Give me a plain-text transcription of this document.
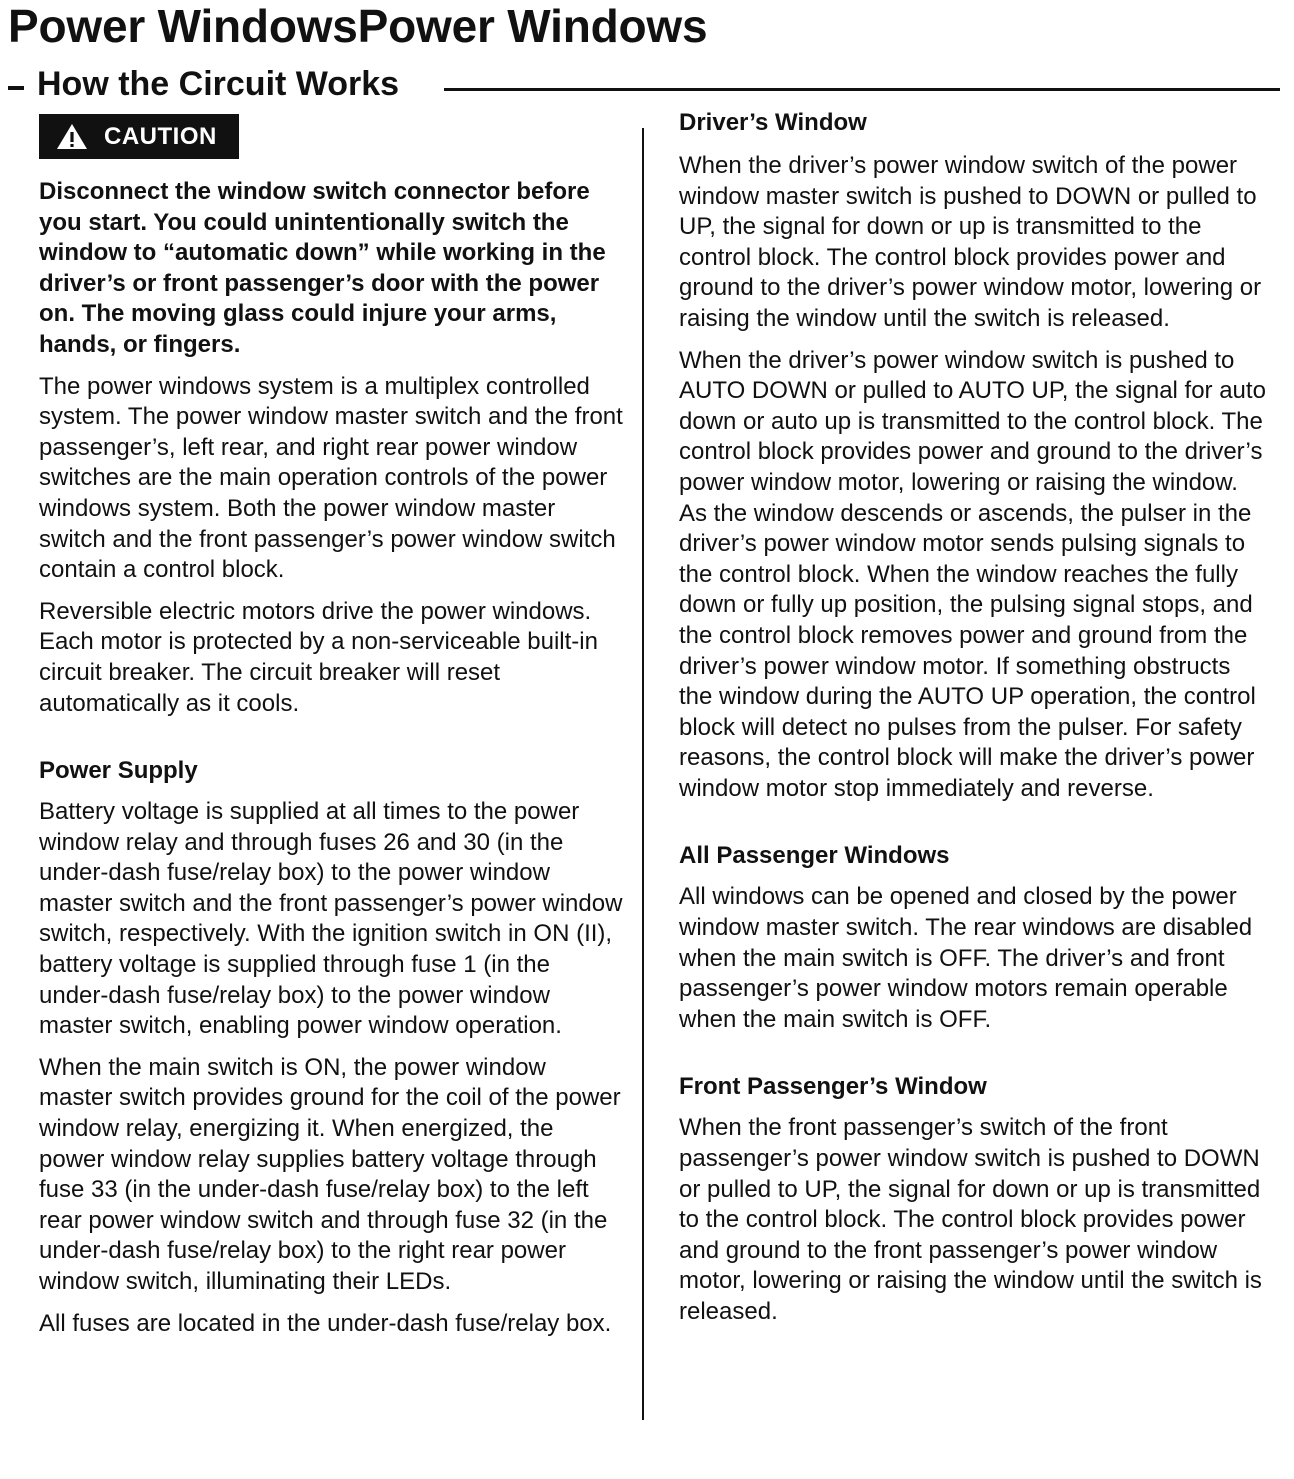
Power WindowsPower Windows
How the Circuit Works
CAUTION

Disconnect the window switch connector before you start. You could unintentionally switch the window to “automatic down” while working in the driver’s or front passenger’s door with the power on. The moving glass could injure your arms, hands, or fingers.

The power windows system is a multiplex controlled system. The power window master switch and the front passenger’s, left rear, and right rear power window switches are the main operation controls of the power windows system. Both the power window master switch and the front passenger’s power window switch contain a control block.

Reversible electric motors drive the power windows. Each motor is protected by a non-serviceable built-in circuit breaker. The circuit breaker will reset automatically as it cools.

Power Supply

Battery voltage is supplied at all times to the power window relay and through fuses 26 and 30 (in the under-dash fuse/relay box) to the power window master switch and the front passenger’s power window switch, respectively. With the ignition switch in ON (II), battery voltage is supplied through fuse 1 (in the under-dash fuse/relay box) to the power window master switch, enabling power window operation.

When the main switch is ON, the power window master switch provides ground for the coil of the power window relay, energizing it. When energized, the power window relay supplies battery voltage through fuse 33 (in the under-dash fuse/relay box) to the left rear power window switch and through fuse 32 (in the under-dash fuse/relay box) to the right rear power window switch, illuminating their LEDs.

All fuses are located in the under-dash fuse/relay box.

Driver’s Window

When the driver’s power window switch of the power window master switch is pushed to DOWN or pulled to UP, the signal for down or up is transmitted to the control block. The control block provides power and ground to the driver’s power window motor, lowering or raising the window until the switch is released.

When the driver’s power window switch is pushed to AUTO DOWN or pulled to AUTO UP, the signal for auto down or auto up is transmitted to the control block. The control block provides power and ground to the driver’s power window motor, lowering or raising the window. As the window descends or ascends, the pulser in the driver’s power window motor sends pulsing signals to the control block. When the window reaches the fully down or fully up position, the pulsing signal stops, and the control block removes power and ground from the driver’s power window motor. If something obstructs the window during the AUTO UP operation, the control block will detect no pulses from the pulser. For safety reasons, the control block will make the driver’s power window motor stop immediately and reverse.

All Passenger Windows

All windows can be opened and closed by the power window master switch. The rear windows are disabled when the main switch is OFF. The driver’s and front passenger’s power window motors remain operable when the main switch is OFF.

Front Passenger’s Window

When the front passenger’s switch of the front passenger’s power window switch is pushed to DOWN or pulled to UP, the signal for down or up is transmitted to the control block. The control block provides power and ground to the front passenger’s power window motor, lowering or raising the window until the switch is released.
